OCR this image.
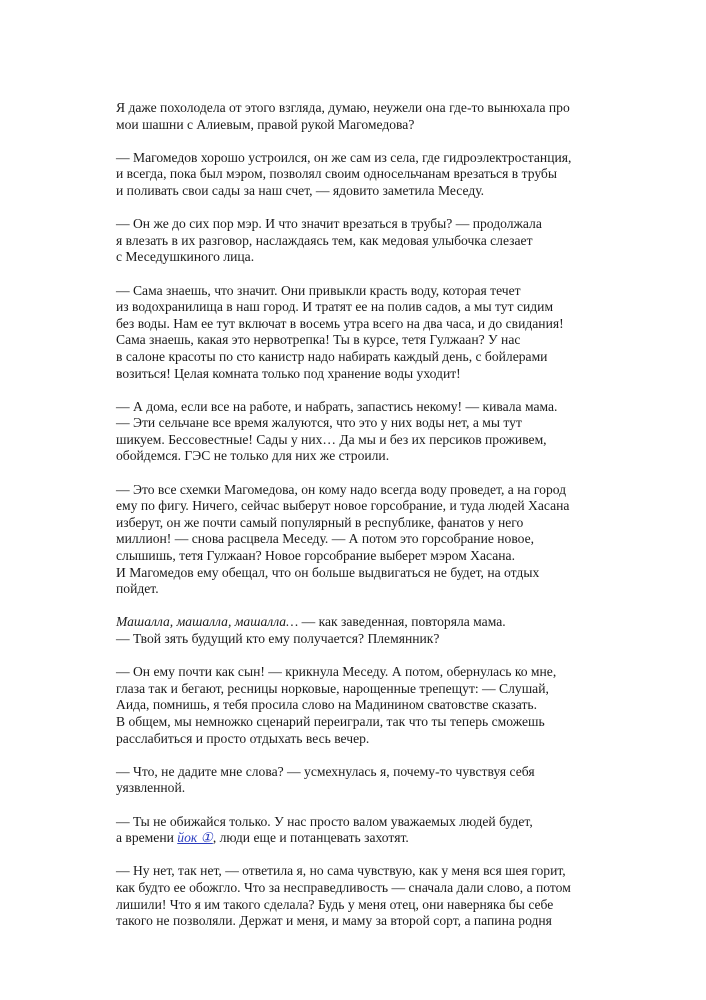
Я даже похолодела от этого взгляда, думаю, неужели она где-то вынюхала про
мои шашни с Алиевым, правой рукой Магомедова?

— Магомедов хорошо устроился, он же сам из села, где гидроэлектростанция,
и всегда, пока был мэром, позволял своим односельчанам врезаться в трубы
и поливать свои сады за наш счет, — ядовито заметила Меседу.

— Он же до сих пор мэр. И что значит врезаться в трубы? — продолжала
я влезать в их разговор, наслаждаясь тем, как медовая улыбочка слезает
с Меседушкиного лица.

— Сама знаешь, что значит. Они привыкли красть воду, которая течет
из водохранилища в наш город. И тратят ее на полив садов, а мы тут сидим
без воды. Нам ее тут включат в восемь утра всего на два часа, и до свидания!
Сама знаешь, какая это нервотрепка! Ты в курсе, тетя Гулжаан? У нас
в салоне красоты по сто канистр надо набирать каждый день, с бойлерами
возиться! Целая комната только под хранение воды уходит!

— А дома, если все на работе, и набрать, запастись некому! — кивала мама.
— Эти сельчане все время жалуются, что это у них воды нет, а мы тут
шикуем. Бессовестные! Сады у них… Да мы и без их персиков проживем,
обойдемся. ГЭС не только для них же строили.

— Это все схемки Магомедова, он кому надо всегда воду проведет, а на город
ему по фигу. Ничего, сейчас выберут новое горсобрание, и туда людей Хасана
изберут, он же почти самый популярный в республике, фанатов у него
миллион! — снова расцвела Меседу. — А потом это горсобрание новое,
слышишь, тетя Гулжаан? Новое горсобрание выберет мэром Хасана.
И Магомедов ему обещал, что он больше выдвигаться не будет, на отдых
пойдет.

Машалла, машалла, машалла… — как заведенная, повторяла мама.
— Твой зять будущий кто ему получается? Племянник?

— Он ему почти как сын! — крикнула Меседу. А потом, обернулась ко мне,
глаза так и бегают, ресницы норковые, нарощенные трепещут: — Слушай,
Аида, помнишь, я тебя просила слово на Мадинином сватовстве сказать.
В общем, мы немножко сценарий переиграли, так что ты теперь сможешь
расслабиться и просто отдыхать весь вечер.

— Что, не дадите мне слова? — усмехнулась я, почему-то чувствуя себя
уязвленной.

— Ты не обижайся только. У нас просто валом уважаемых людей будет,
а времени йок ①, люди еще и потанцевать захотят.

— Ну нет, так нет, — ответила я, но сама чувствую, как у меня вся шея горит,
как будто ее обожгло. Что за несправедливость — сначала дали слово, а потом
лишили! Что я им такого сделала? Будь у меня отец, они наверняка бы себе
такого не позволяли. Держат и меня, и маму за второй сорт, а папина родня
